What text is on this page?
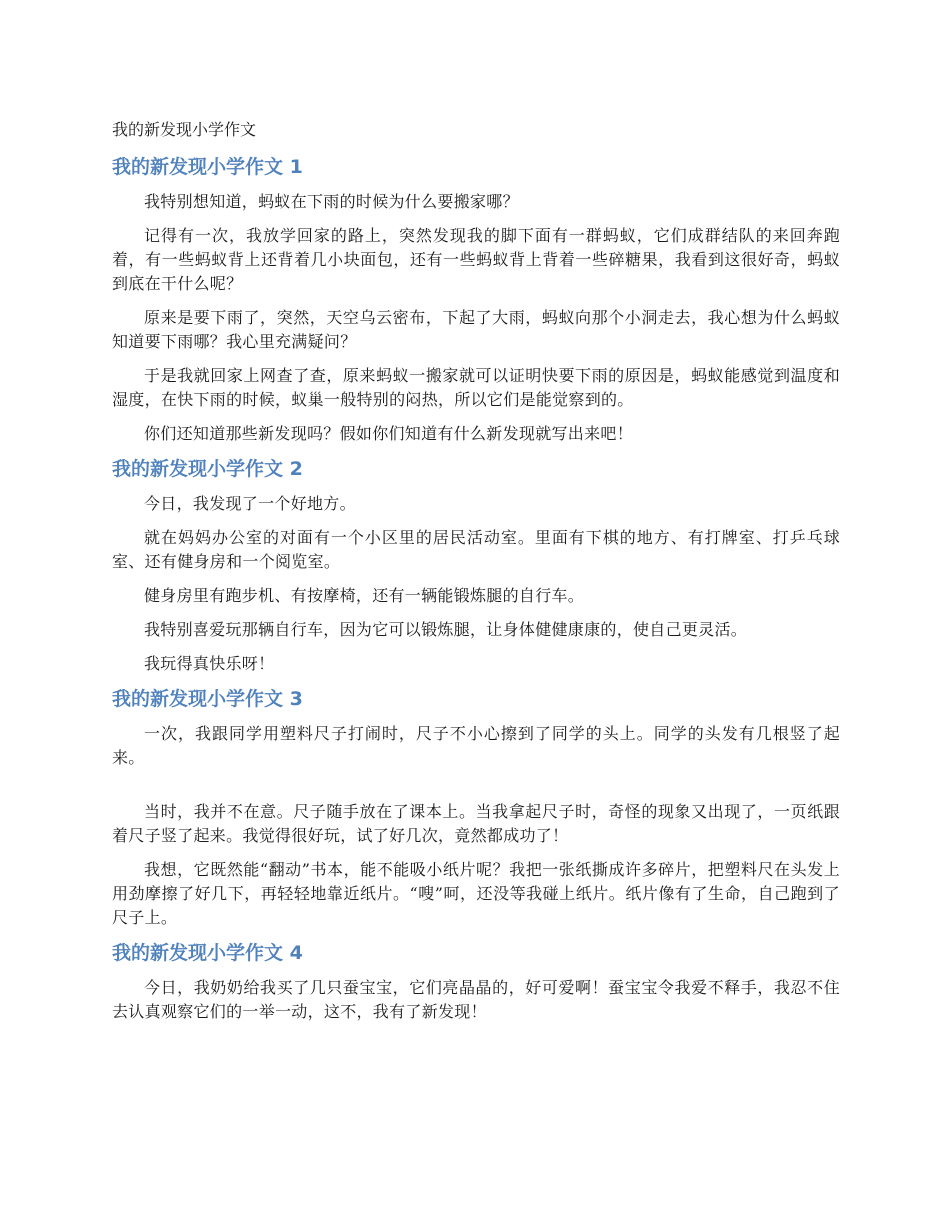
我的新发现小学作文
我的新发现小学作文 1

我特别想知道，蚂蚁在下雨的时候为什么要搬家哪？

记得有一次，我放学回家的路上，突然发现我的脚下面有一群蚂蚁，它们成群结队的来回奔跑着，有一些蚂蚁背上还背着几小块面包，还有一些蚂蚁背上背着一些碎糖果，我看到这很好奇，蚂蚁到底在干什么呢？

原来是要下雨了，突然，天空乌云密布，下起了大雨，蚂蚁向那个小洞走去，我心想为什么蚂蚁知道要下雨哪？我心里充满疑问？

于是我就回家上网查了查，原来蚂蚁一搬家就可以证明快要下雨的原因是，蚂蚁能感觉到温度和湿度，在快下雨的时候，蚁巢一般特别的闷热，所以它们是能觉察到的。

你们还知道那些新发现吗？假如你们知道有什么新发现就写出来吧！

我的新发现小学作文 2

今日，我发现了一个好地方。

就在妈妈办公室的对面有一个小区里的居民活动室。里面有下棋的地方、有打牌室、打乒乓球室、还有健身房和一个阅览室。

健身房里有跑步机、有按摩椅，还有一辆能锻炼腿的自行车。

我特别喜爱玩那辆自行车，因为它可以锻炼腿，让身体健健康康的，使自己更灵活。

我玩得真快乐呀！

我的新发现小学作文 3

一次，我跟同学用塑料尺子打闹时，尺子不小心擦到了同学的头上。同学的头发有几根竖了起来。

当时，我并不在意。尺子随手放在了课本上。当我拿起尺子时，奇怪的现象又出现了，一页纸跟着尺子竖了起来。我觉得很好玩，试了好几次，竟然都成功了！

我想，它既然能“翻动”书本，能不能吸小纸片呢？我把一张纸撕成许多碎片，把塑料尺在头发上用劲摩擦了好几下，再轻轻地靠近纸片。“嗖”呵，还没等我碰上纸片。纸片像有了生命，自己跑到了尺子上。

我的新发现小学作文 4

今日，我奶奶给我买了几只蚕宝宝，它们亮晶晶的，好可爱啊！蚕宝宝令我爱不释手，我忍不住去认真观察它们的一举一动，这不，我有了新发现！
